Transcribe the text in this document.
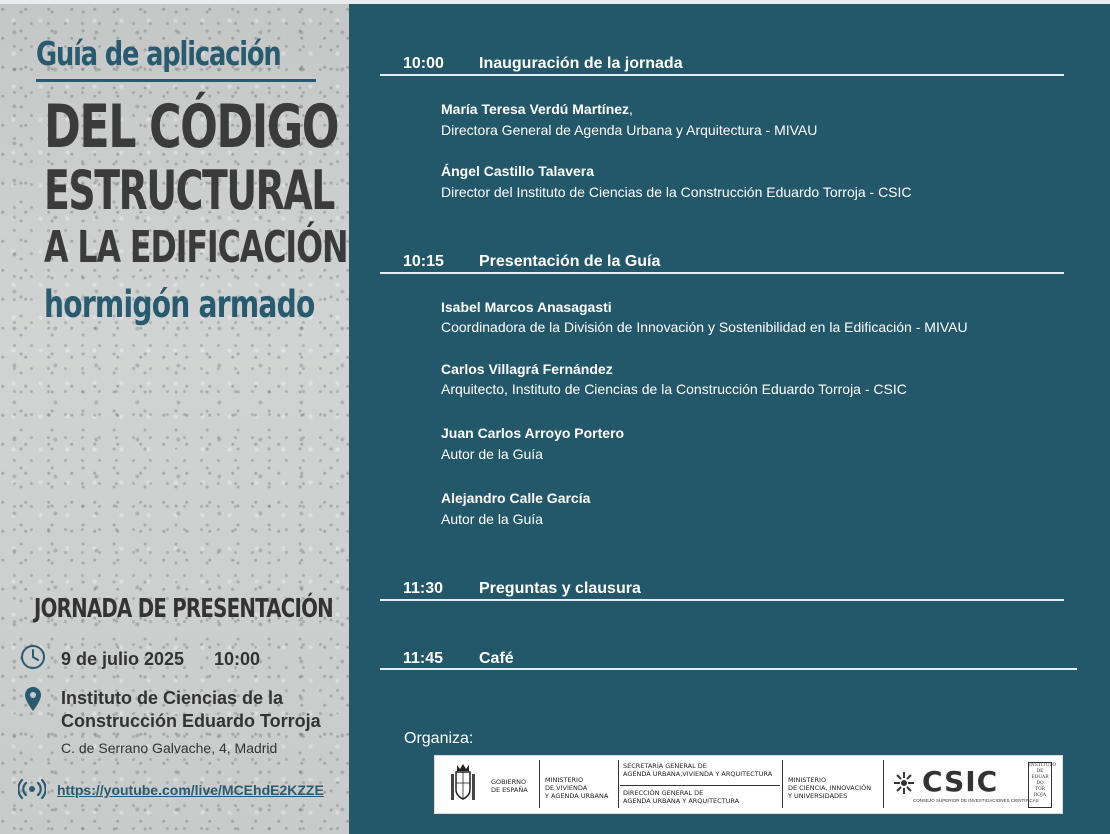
Guía de aplicación
DEL CÓDIGO
ESTRUCTURAL
A LA EDIFICACIÓN
hormigón armado
JORNADA DE PRESENTACIÓN
9 de julio 2025 10:00
Instituto de Ciencias de la
Construcción Eduardo Torroja
C. de Serrano Galvache, 4, Madrid
https://youtube.com/live/MCEhdE2KZZE
10:00 Inauguración de la jornada
María Teresa Verdú Martínez,
Directora General de Agenda Urbana y Arquitectura - MIVAU
Ángel Castillo Talavera
Director del Instituto de Ciencias de la Construcción Eduardo Torroja - CSIC
10:15 Presentación de la Guía
Isabel Marcos Anasagasti
Coordinadora de la División de Innovación y Sostenibilidad en la Edificación - MIVAU
Carlos Villagrá Fernández
Arquitecto, Instituto de Ciencias de la Construcción Eduardo Torroja - CSIC
Juan Carlos Arroyo Portero
Autor de la Guía
Alejandro Calle García
Autor de la Guía
11:30 Preguntas y clausura
11:45 Café
Organiza:
GOBIERNO
DE ESPAÑA
MINISTERIO
DE VIVIENDA
Y AGENDA URBANA
SECRETARÍA GENERAL DE
AGENDA URBANA,VIVIENDA Y ARQUITECTURA
DIRECCIÓN GENERAL DE
AGENDA URBANA Y ARQUITECTURA
MINISTERIO
DE CIENCIA, INNOVACIÓN
Y UNIVERSIDADES	CSIC
CONSEJO SUPERIOR DE INVESTIGACIONES CIENTÍFICAS
INSTITUTO
DE
EDUAR
DO
TOR
ROJA
